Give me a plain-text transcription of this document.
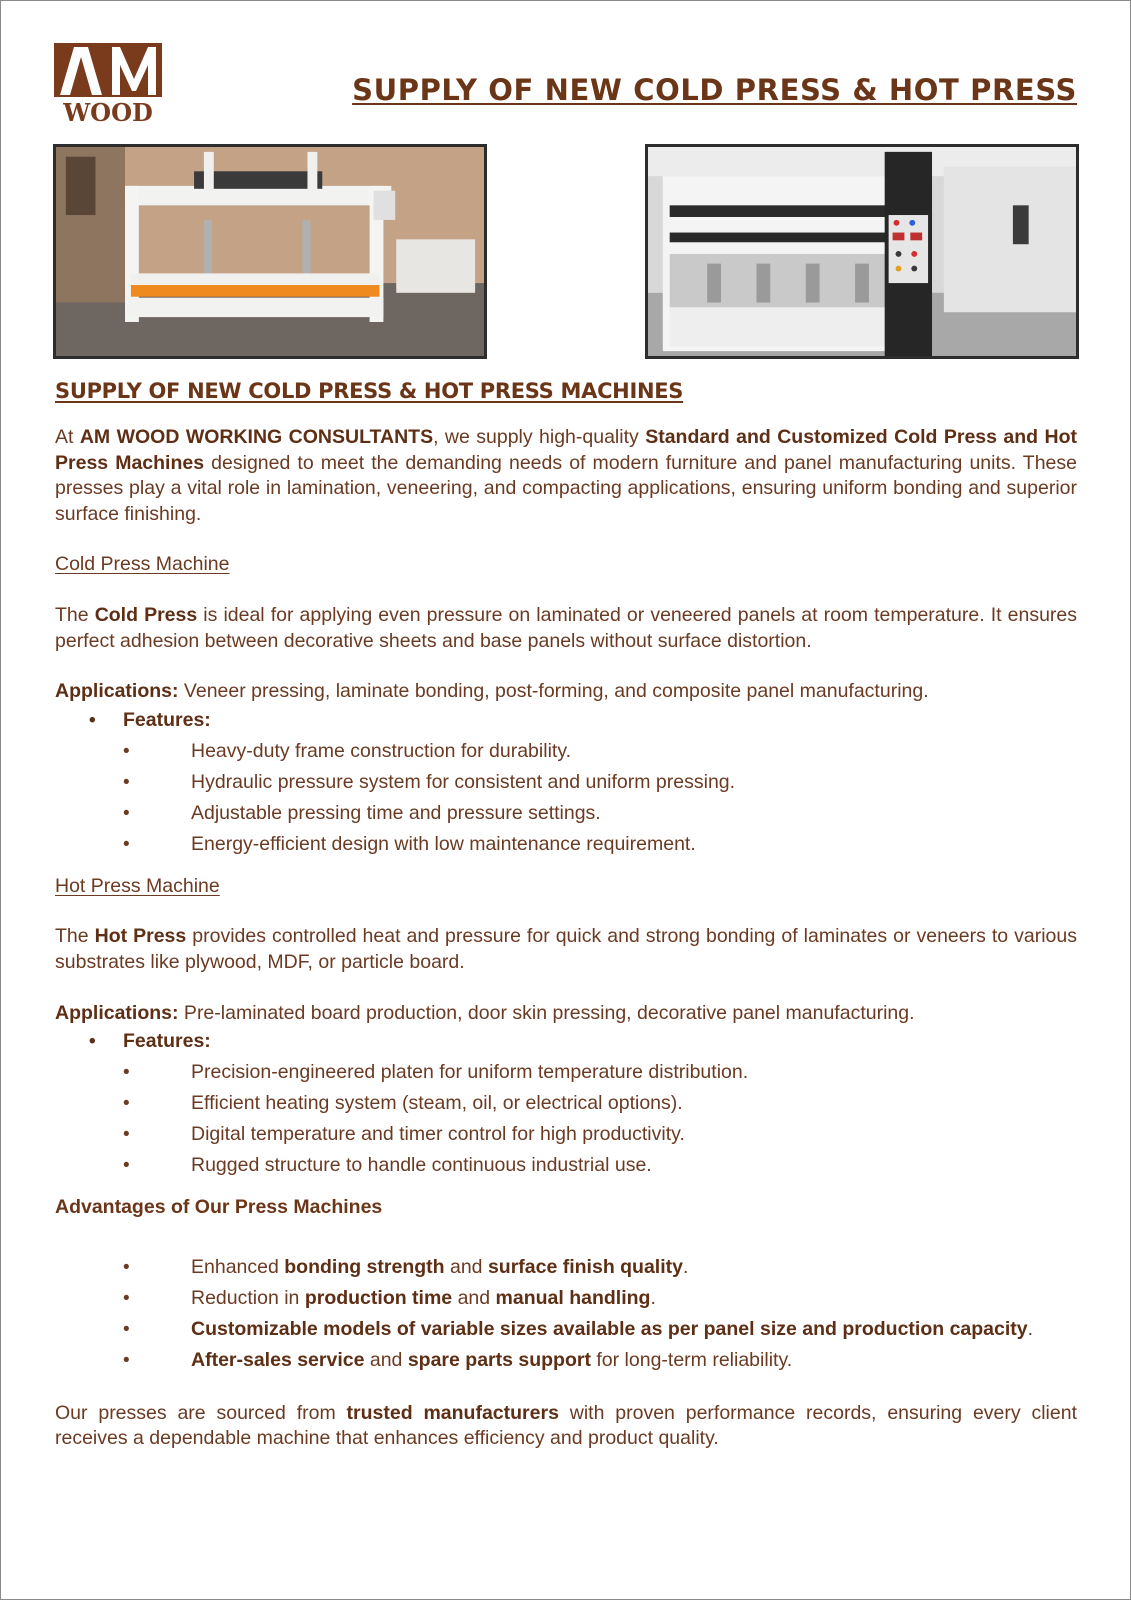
WOOD
SUPPLY OF NEW COLD PRESS & HOT PRESS
SUPPLY OF NEW COLD PRESS & HOT PRESS MACHINES

At AM WOOD WORKING CONSULTANTS, we supply high-quality Standard and Customized Cold Press and Hot Press Machines designed to meet the demanding needs of modern furniture and panel manufacturing units. These presses play a vital role in lamination, veneering, and compacting applications, ensuring uniform bonding and superior surface finishing.

Cold Press Machine

The Cold Press is ideal for applying even pressure on laminated or veneered panels at room temperature. It ensures perfect adhesion between decorative sheets and base panels without surface distortion.

Applications: Veneer pressing, laminate bonding, post-forming, and composite panel manufacturing.

• Features:
• Heavy-duty frame construction for durability.
• Hydraulic pressure system for consistent and uniform pressing.
• Adjustable pressing time and pressure settings.
• Energy-efficient design with low maintenance requirement.
Hot Press Machine

The Hot Press provides controlled heat and pressure for quick and strong bonding of laminates or veneers to various substrates like plywood, MDF, or particle board.

Applications: Pre-laminated board production, door skin pressing, decorative panel manufacturing.

• Features:
• Precision-engineered platen for uniform temperature distribution.
• Efficient heating system (steam, oil, or electrical options).
• Digital temperature and timer control for high productivity.
• Rugged structure to handle continuous industrial use.
Advantages of Our Press Machines
• Enhanced bonding strength and surface finish quality.
• Reduction in production time and manual handling.
• Customizable models of variable sizes available as per panel size and production capacity.
• After-sales service and spare parts support for long-term reliability.

Our presses are sourced from trusted manufacturers with proven performance records, ensuring every client receives a dependable machine that enhances efficiency and product quality.
